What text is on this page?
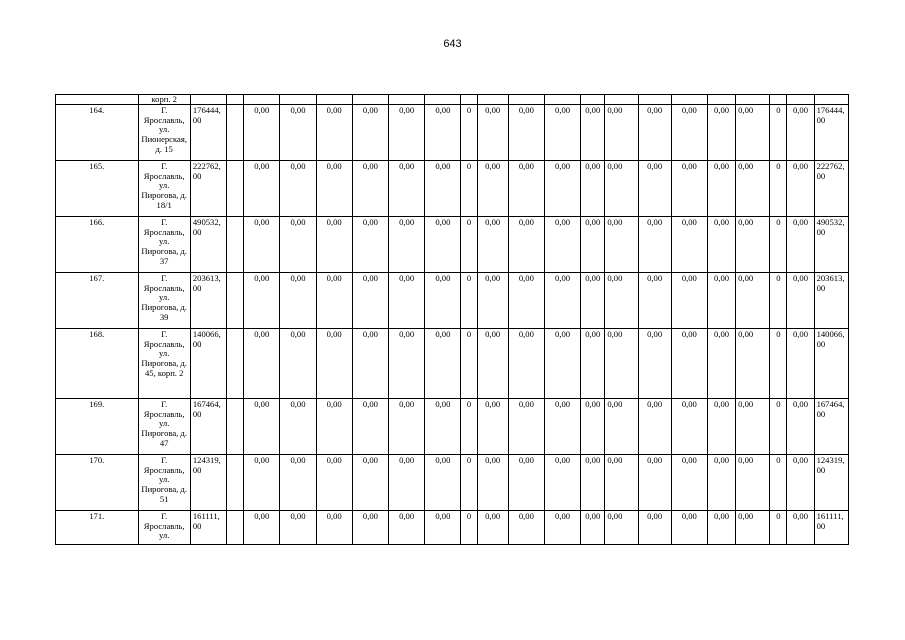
643
	корп. 2																					
164.	Г. Ярославль, ул. Пионерская, д. 15	176444,00		0,00	0,00	0,00	0,00	0,00	0,00	0	0,00	0,00	0,00	0,00	0,00	0,00	0,00	0,00	0,00	0	0,00	176444,00
165.	Г. Ярославль, ул. Пирогова, д. 18/1	222762,00		0,00	0,00	0,00	0,00	0,00	0,00	0	0,00	0,00	0,00	0,00	0,00	0,00	0,00	0,00	0,00	0	0,00	222762,00
166.	Г. Ярославль, ул. Пирогова, д. 37	490532,00		0,00	0,00	0,00	0,00	0,00	0,00	0	0,00	0,00	0,00	0,00	0,00	0,00	0,00	0,00	0,00	0	0,00	490532,00
167.	Г. Ярославль, ул. Пирогова, д. 39	203613,00		0,00	0,00	0,00	0,00	0,00	0,00	0	0,00	0,00	0,00	0,00	0,00	0,00	0,00	0,00	0,00	0	0,00	203613,00
168.	Г. Ярославль, ул. Пирогова, д. 45, корп. 2	140066,00		0,00	0,00	0,00	0,00	0,00	0,00	0	0,00	0,00	0,00	0,00	0,00	0,00	0,00	0,00	0,00	0	0,00	140066,00
169.	Г. Ярославль, ул. Пирогова, д. 47	167464,00		0,00	0,00	0,00	0,00	0,00	0,00	0	0,00	0,00	0,00	0,00	0,00	0,00	0,00	0,00	0,00	0	0,00	167464,00
170.	Г. Ярославль, ул. Пирогова, д. 51	124319,00		0,00	0,00	0,00	0,00	0,00	0,00	0	0,00	0,00	0,00	0,00	0,00	0,00	0,00	0,00	0,00	0	0,00	124319,00
171.	Г. Ярославль, ул.	161111,00		0,00	0,00	0,00	0,00	0,00	0,00	0	0,00	0,00	0,00	0,00	0,00	0,00	0,00	0,00	0,00	0	0,00	161111,00
